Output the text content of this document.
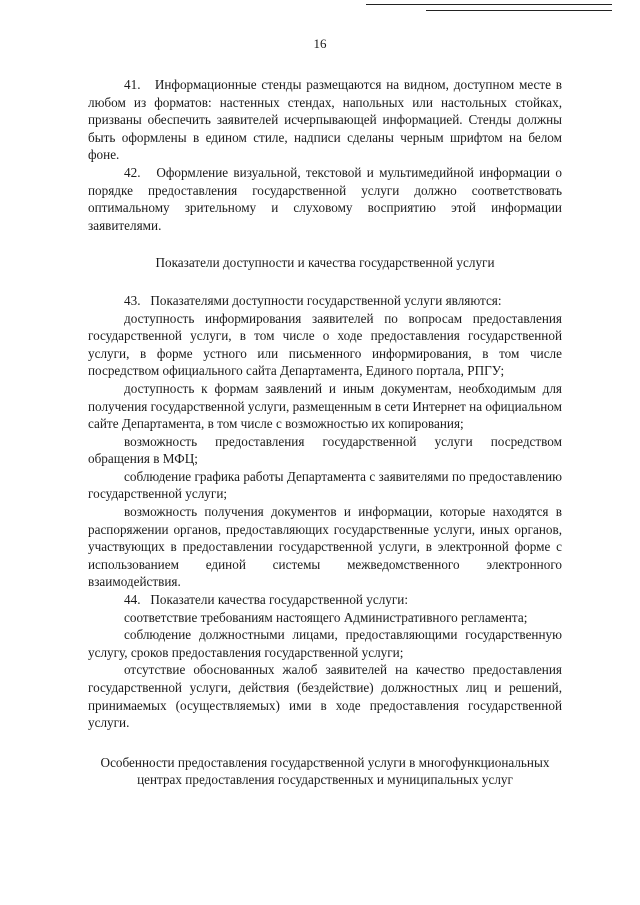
16

41.   Информационные стенды размещаются на видном, доступном месте в любом из форматов: настенных стендах, напольных или настольных стойках, призваны обеспечить заявителей исчерпывающей информацией. Стенды должны быть оформлены в едином стиле, надписи сделаны черным шрифтом на белом фоне.

42.   Оформление визуальной, текстовой и мультимедийной информации о порядке предоставления государственной услуги должно соответствовать оптимальному зрительному и слуховому восприятию этой информации заявителями.

Показатели доступности и качества государственной услуги

43.   Показателями доступности государственной услуги являются:

доступность информирования заявителей по вопросам предоставления государственной услуги, в том числе о ходе предоставления государственной услуги, в форме устного или письменного информирования, в том числе посредством официального сайта Департамента, Единого портала, РПГУ;

доступность к формам заявлений и иным документам, необходимым для получения государственной услуги, размещенным в сети Интернет на официальном сайте Департамента, в том числе с возможностью их копирования;

возможность предоставления государственной услуги посредством обращения в МФЦ;

соблюдение графика работы Департамента с заявителями по предоставлению государственной услуги;

возможность получения документов и информации, которые находятся в распоряжении органов, предоставляющих государственные услуги, иных органов, участвующих в предоставлении государственной услуги, в электронной форме с использованием единой системы межведомственного электронного взаимодействия.

44.   Показатели качества государственной услуги:

соответствие требованиям настоящего Административного регламента;

соблюдение должностными лицами, предоставляющими государственную услугу, сроков предоставления государственной услуги;

отсутствие обоснованных жалоб заявителей на качество предоставления государственной услуги, действия (бездействие) должностных лиц и решений, принимаемых (осуществляемых) ими в ходе предоставления государственной услуги.

Особенности предоставления государственной услуги в многофункциональных центрах предоставления государственных и муниципальных услуг
